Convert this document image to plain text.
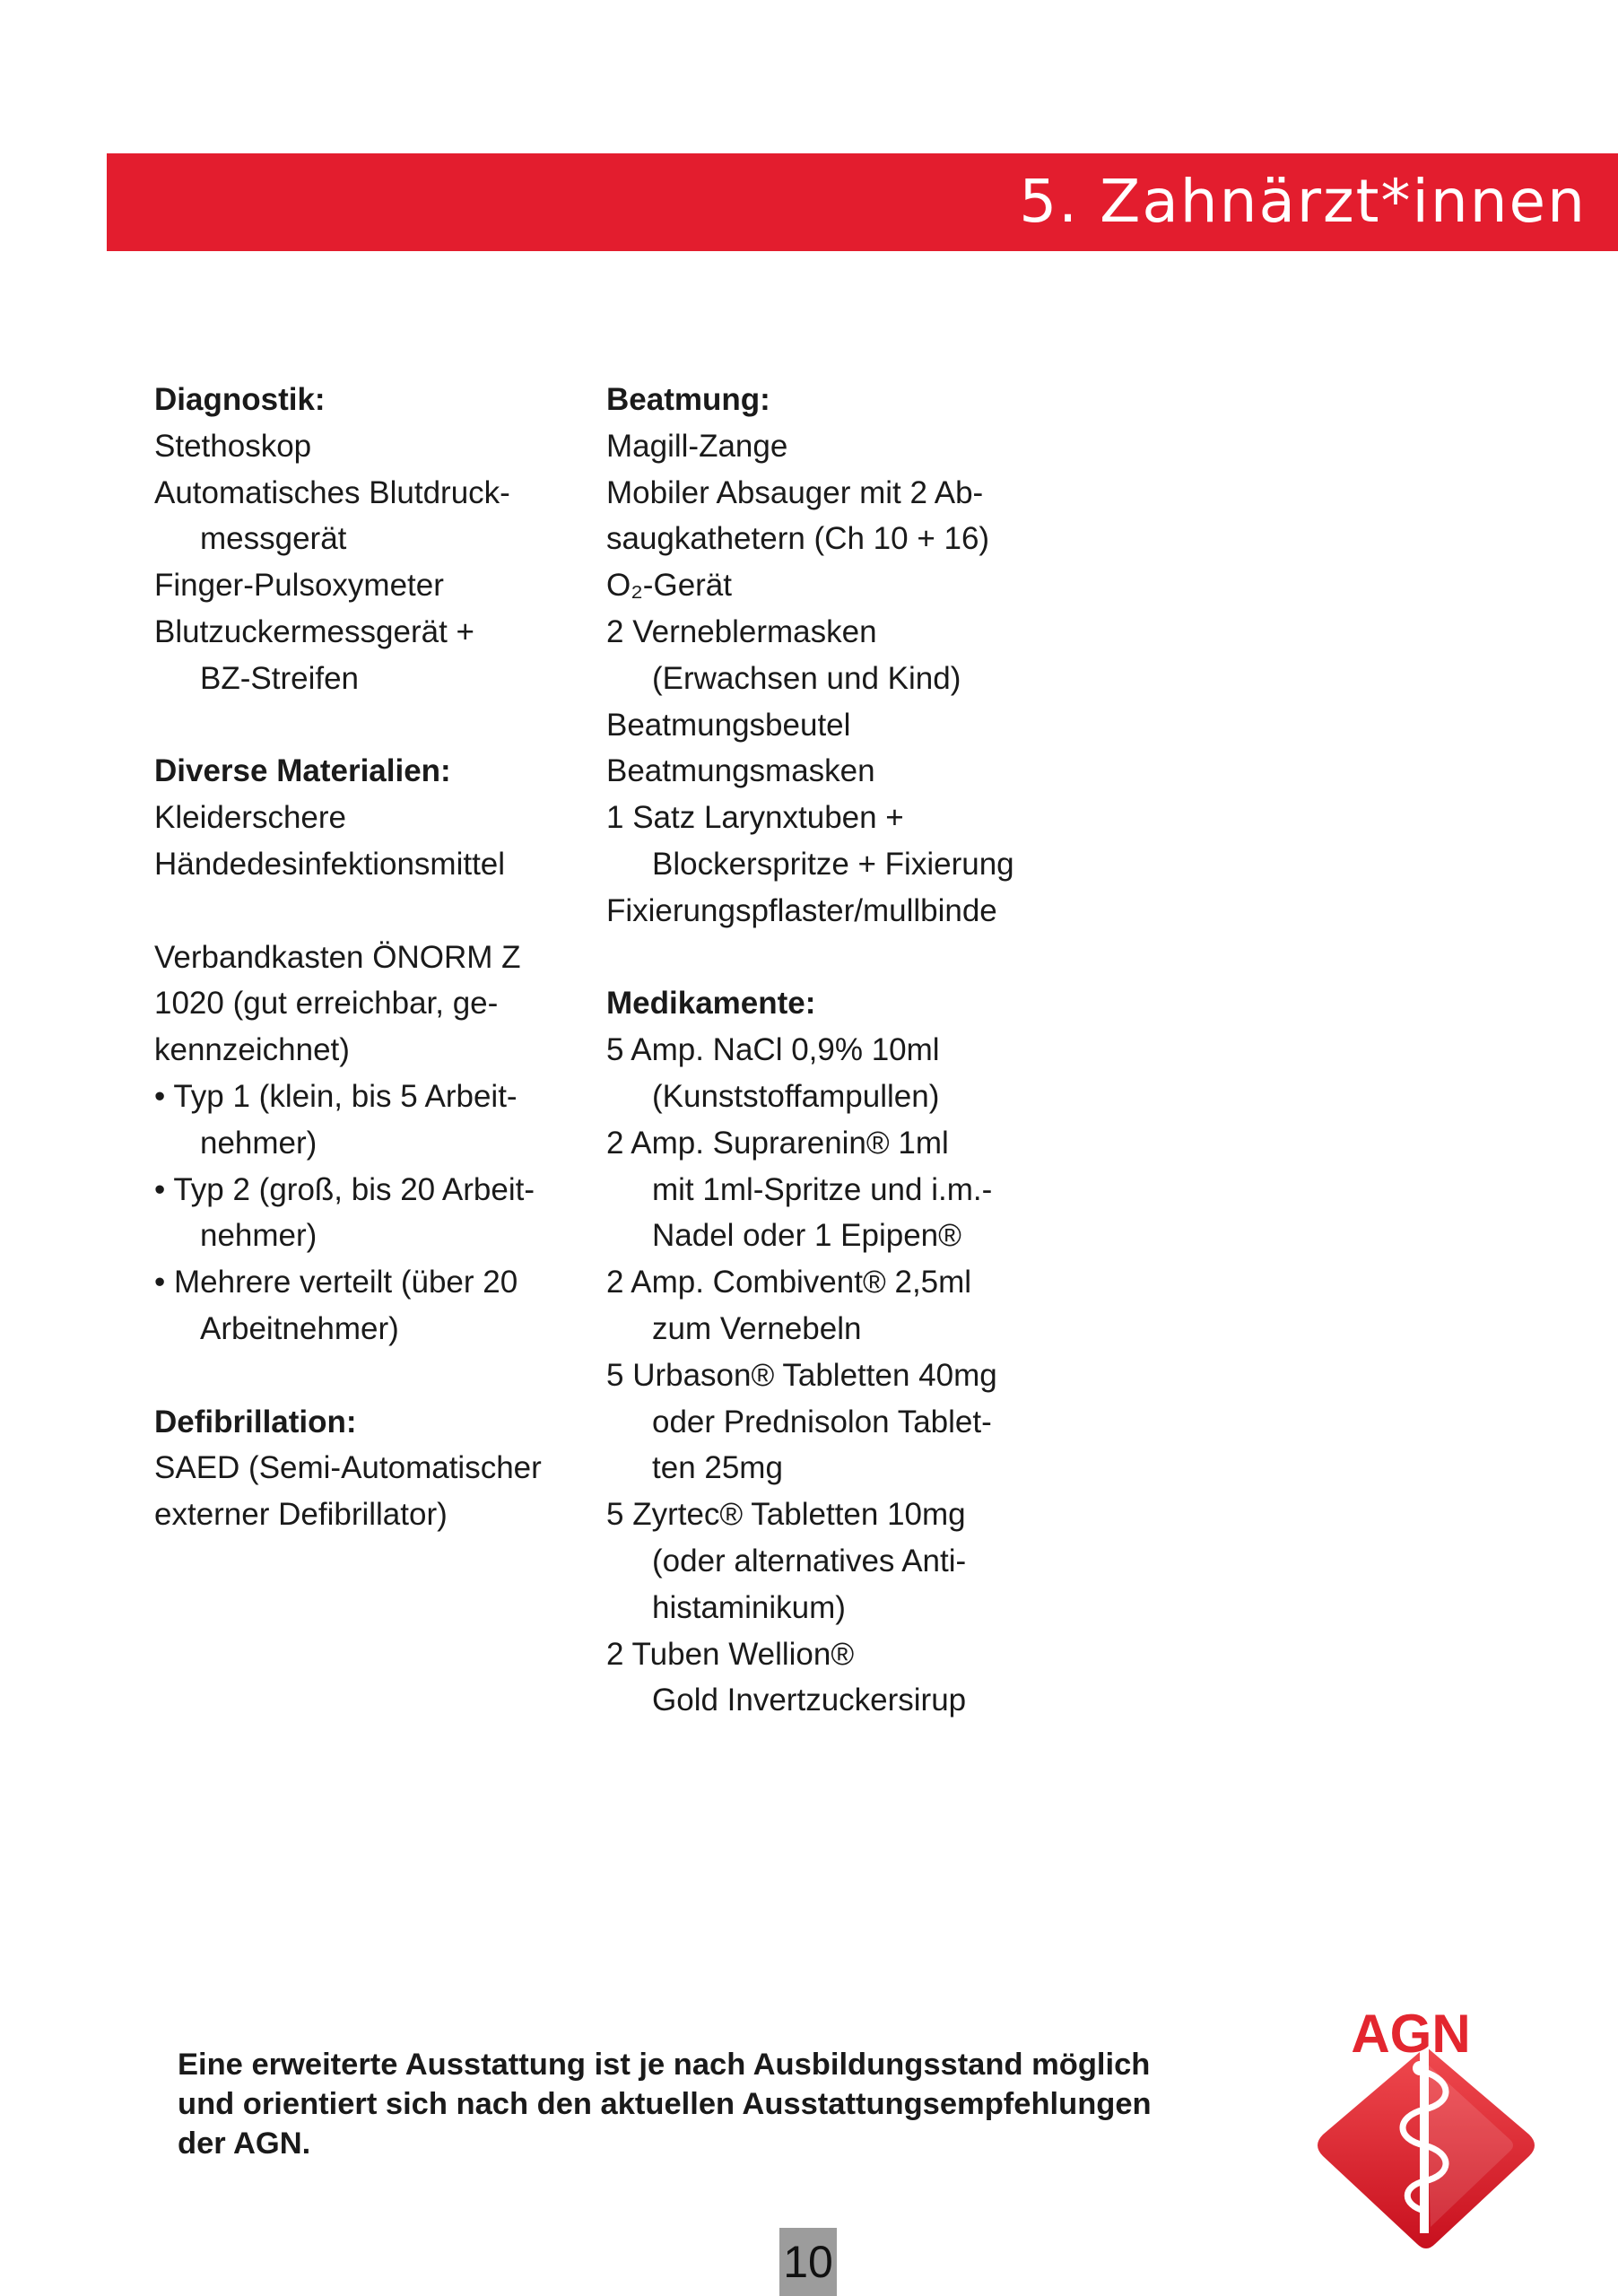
5. Zahnärzt*innen
Diagnostik:
Stethoskop
Automatisches Blutdruck-
messgerät
Finger-Pulsoxymeter
Blutzuckermessgerät +
BZ-Streifen
Diverse Materialien:
Kleiderschere
Händedesinfektionsmittel
Verbandkasten ÖNORM Z
1020 (gut erreichbar, ge-
kennzeichnet)
• Typ 1 (klein, bis 5 Arbeit-
nehmer)
• Typ 2 (groß, bis 20 Arbeit-
nehmer)
• Mehrere verteilt (über 20
Arbeitnehmer)
Defibrillation:
SAED (Semi-Automatischer
externer Defibrillator)
Beatmung:
Magill-Zange
Mobiler Absauger mit 2 Ab-
saugkathetern (Ch 10 + 16)
O₂-Gerät
2 Verneblermasken
(Erwachsen und Kind)
Beatmungsbeutel
Beatmungsmasken
1 Satz Larynxtuben +
Blockerspritze + Fixierung
Fixierungspflaster/mullbinde
Medikamente:
5 Amp. NaCl 0,9% 10ml
(Kunststoffampullen)
2 Amp. Suprarenin® 1ml
mit 1ml-Spritze und i.m.-
Nadel oder 1 Epipen®
2 Amp. Combivent® 2,5ml
zum Vernebeln
5 Urbason® Tabletten 40mg
oder Prednisolon Tablet-
ten 25mg
5 Zyrtec® Tabletten 10mg
(oder alternatives Anti-
histaminikum)
2 Tuben Wellion®
Gold Invertzuckersirup
Eine erweiterte Ausstattung ist je nach Ausbildungsstand möglich
und orientiert sich nach den aktuellen Ausstattungsempfehlungen
der AGN.
AGN
10
